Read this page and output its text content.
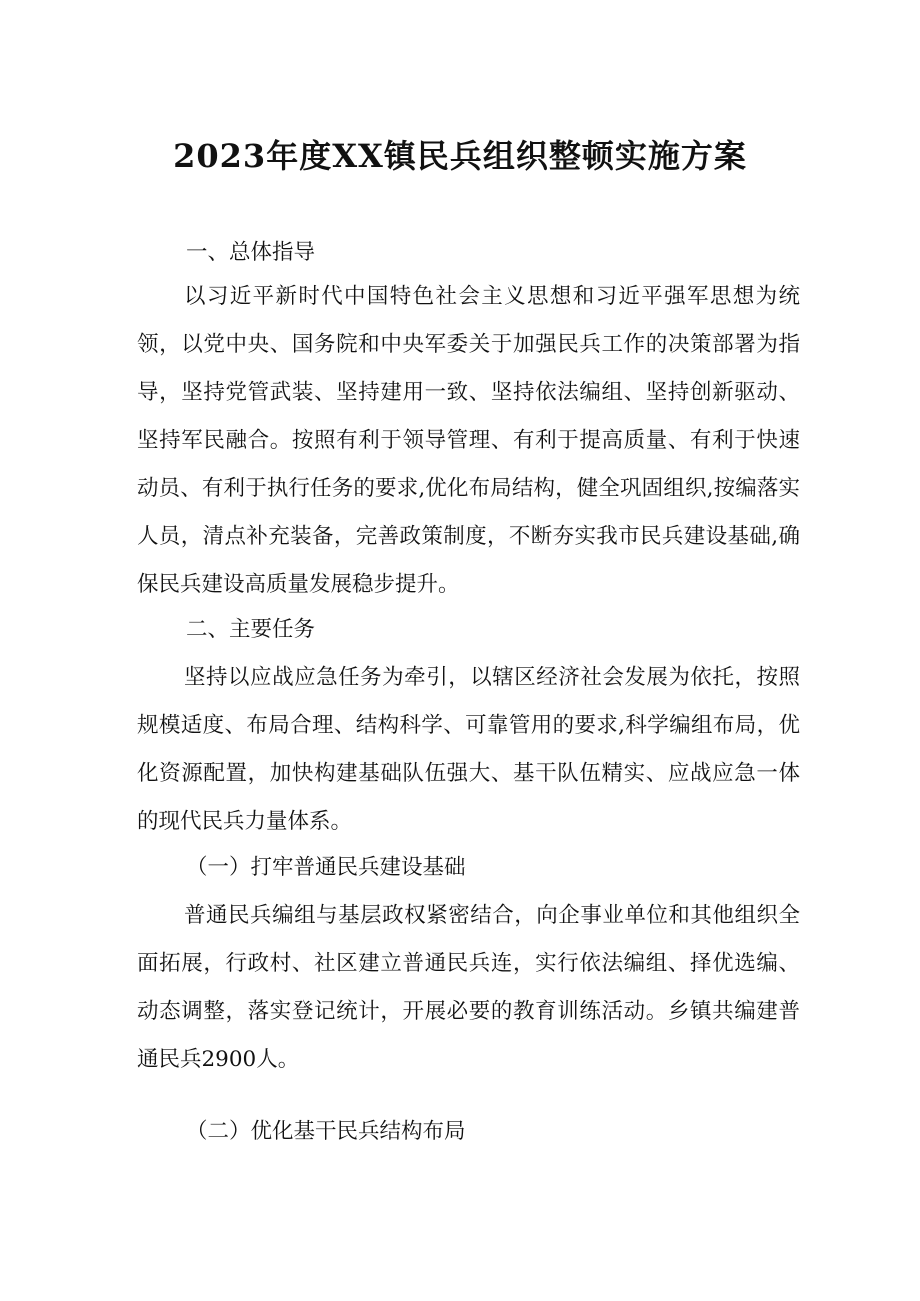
2023年度XX镇民兵组织整顿实施方案

一、总体指导

以习近平新时代中国特色社会主义思想和习近平强军思想为统领，以党中央、国务院和中央军委关于加强民兵工作的决策部署为指导，坚持党管武装、坚持建用一致、坚持依法编组、坚持创新驱动、坚持军民融合。按照有利于领导管理、有利于提高质量、有利于快速动员、有利于执行任务的要求,优化布局结构，健全巩固组织,按编落实人员，清点补充装备，完善政策制度，不断夯实我市民兵建设基础,确保民兵建设高质量发展稳步提升。

二、主要任务

坚持以应战应急任务为牵引，以辖区经济社会发展为依托，按照规模适度、布局合理、结构科学、可靠管用的要求,科学编组布局，优化资源配置，加快构建基础队伍强大、基干队伍精实、应战应急一体的现代民兵力量体系。

（一）打牢普通民兵建设基础

普通民兵编组与基层政权紧密结合，向企事业单位和其他组织全面拓展，行政村、社区建立普通民兵连，实行依法编组、择优选编、动态调整，落实登记统计，开展必要的教育训练活动。乡镇共编建普通民兵2900人。

（二）优化基干民兵结构布局
